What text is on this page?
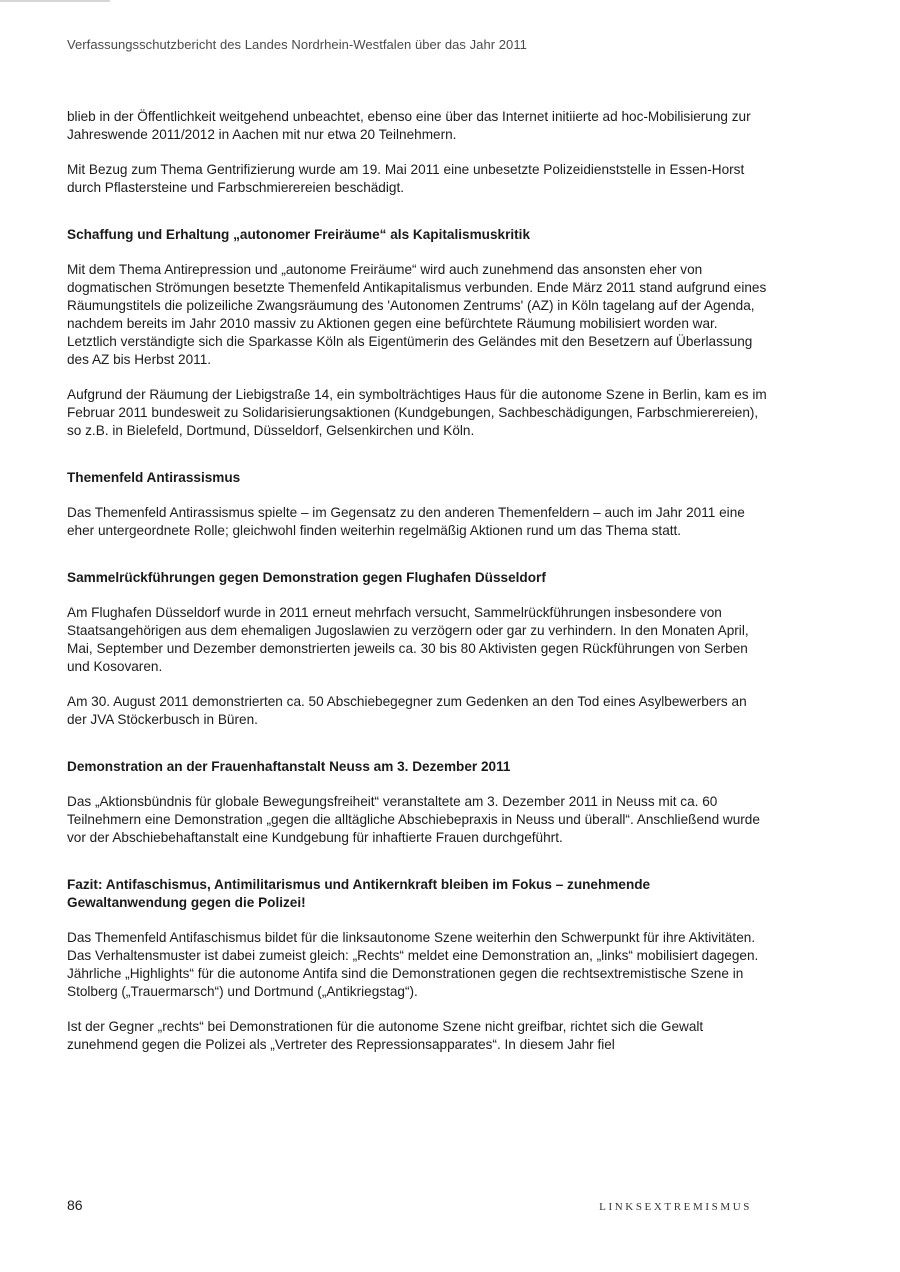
Verfassungsschutzbericht des Landes Nordrhein-Westfalen über das Jahr 2011

blieb in der Öffentlichkeit weitgehend unbeachtet, ebenso eine über das Internet initiierte ad hoc-Mobilisierung zur Jahreswende 2011/2012 in Aachen mit nur etwa 20 Teilnehmern.

Mit Bezug zum Thema Gentrifizierung wurde am 19. Mai 2011 eine unbesetzte Polizeidienststelle in Essen-Horst durch Pflastersteine und Farbschmierereien beschädigt.

Schaffung und Erhaltung „autonomer Freiräume“ als Kapitalismuskritik

Mit dem Thema Antirepression und „autonome Freiräume“ wird auch zunehmend das ansonsten eher von dogmatischen Strömungen besetzte Themenfeld Antikapitalismus verbunden. Ende März 2011 stand aufgrund eines Räumungstitels die polizeiliche Zwangsräumung des 'Autonomen Zentrums' (AZ) in Köln tagelang auf der Agenda, nachdem bereits im Jahr 2010 massiv zu Aktionen gegen eine befürchtete Räumung mobilisiert worden war. Letztlich verständigte sich die Sparkasse Köln als Eigentümerin des Geländes mit den Besetzern auf Überlassung des AZ bis Herbst 2011.

Aufgrund der Räumung der Liebigstraße 14, ein symbolträchtiges Haus für die autonome Szene in Berlin, kam es im Februar 2011 bundesweit zu Solidarisierungsaktionen (Kundgebungen, Sachbeschädigungen, Farbschmierereien), so z.B. in Bielefeld, Dortmund, Düsseldorf, Gelsenkirchen und Köln.

Themenfeld Antirassismus

Das Themenfeld Antirassismus spielte – im Gegensatz zu den anderen Themenfeldern – auch im Jahr 2011 eine eher untergeordnete Rolle; gleichwohl finden weiterhin regelmäßig Aktionen rund um das Thema statt.

Sammelrückführungen gegen Demonstration gegen Flughafen Düsseldorf

Am Flughafen Düsseldorf wurde in 2011 erneut mehrfach versucht, Sammelrückführungen insbesondere von Staatsangehörigen aus dem ehemaligen Jugoslawien zu verzögern oder gar zu verhindern. In den Monaten April, Mai, September und Dezember demonstrierten jeweils ca. 30 bis 80 Aktivisten gegen Rückführungen von Serben und Kosovaren.

Am 30. August 2011 demonstrierten ca. 50 Abschiebegegner zum Gedenken an den Tod eines Asylbewerbers an der JVA Stöckerbusch in Büren.

Demonstration an der Frauenhaftanstalt Neuss am 3. Dezember 2011

Das „Aktionsbündnis für globale Bewegungsfreiheit“ veranstaltete am 3. Dezember 2011 in Neuss mit ca. 60 Teilnehmern eine Demonstration „gegen die alltägliche Abschiebepraxis in Neuss und überall“. Anschließend wurde vor der Abschiebehaftanstalt eine Kundgebung für inhaftierte Frauen durchgeführt.

Fazit: Antifaschismus, Antimilitarismus und Antikernkraft bleiben im Fokus – zunehmende Gewaltanwendung gegen die Polizei!

Das Themenfeld Antifaschismus bildet für die linksautonome Szene weiterhin den Schwerpunkt für ihre Aktivitäten. Das Verhaltensmuster ist dabei zumeist gleich: „Rechts“ meldet eine Demonstration an, „links“ mobilisiert dagegen. Jährliche „Highlights“ für die autonome Antifa sind die Demonstrationen gegen die rechtsextremistische Szene in Stolberg („Trauermarsch“) und Dortmund („Antikriegstag“).

Ist der Gegner „rechts“ bei Demonstrationen für die autonome Szene nicht greifbar, richtet sich die Gewalt zunehmend gegen die Polizei als „Vertreter des Repressionsapparates“. In diesem Jahr fiel

86	LINKSEXTREMISMUS
